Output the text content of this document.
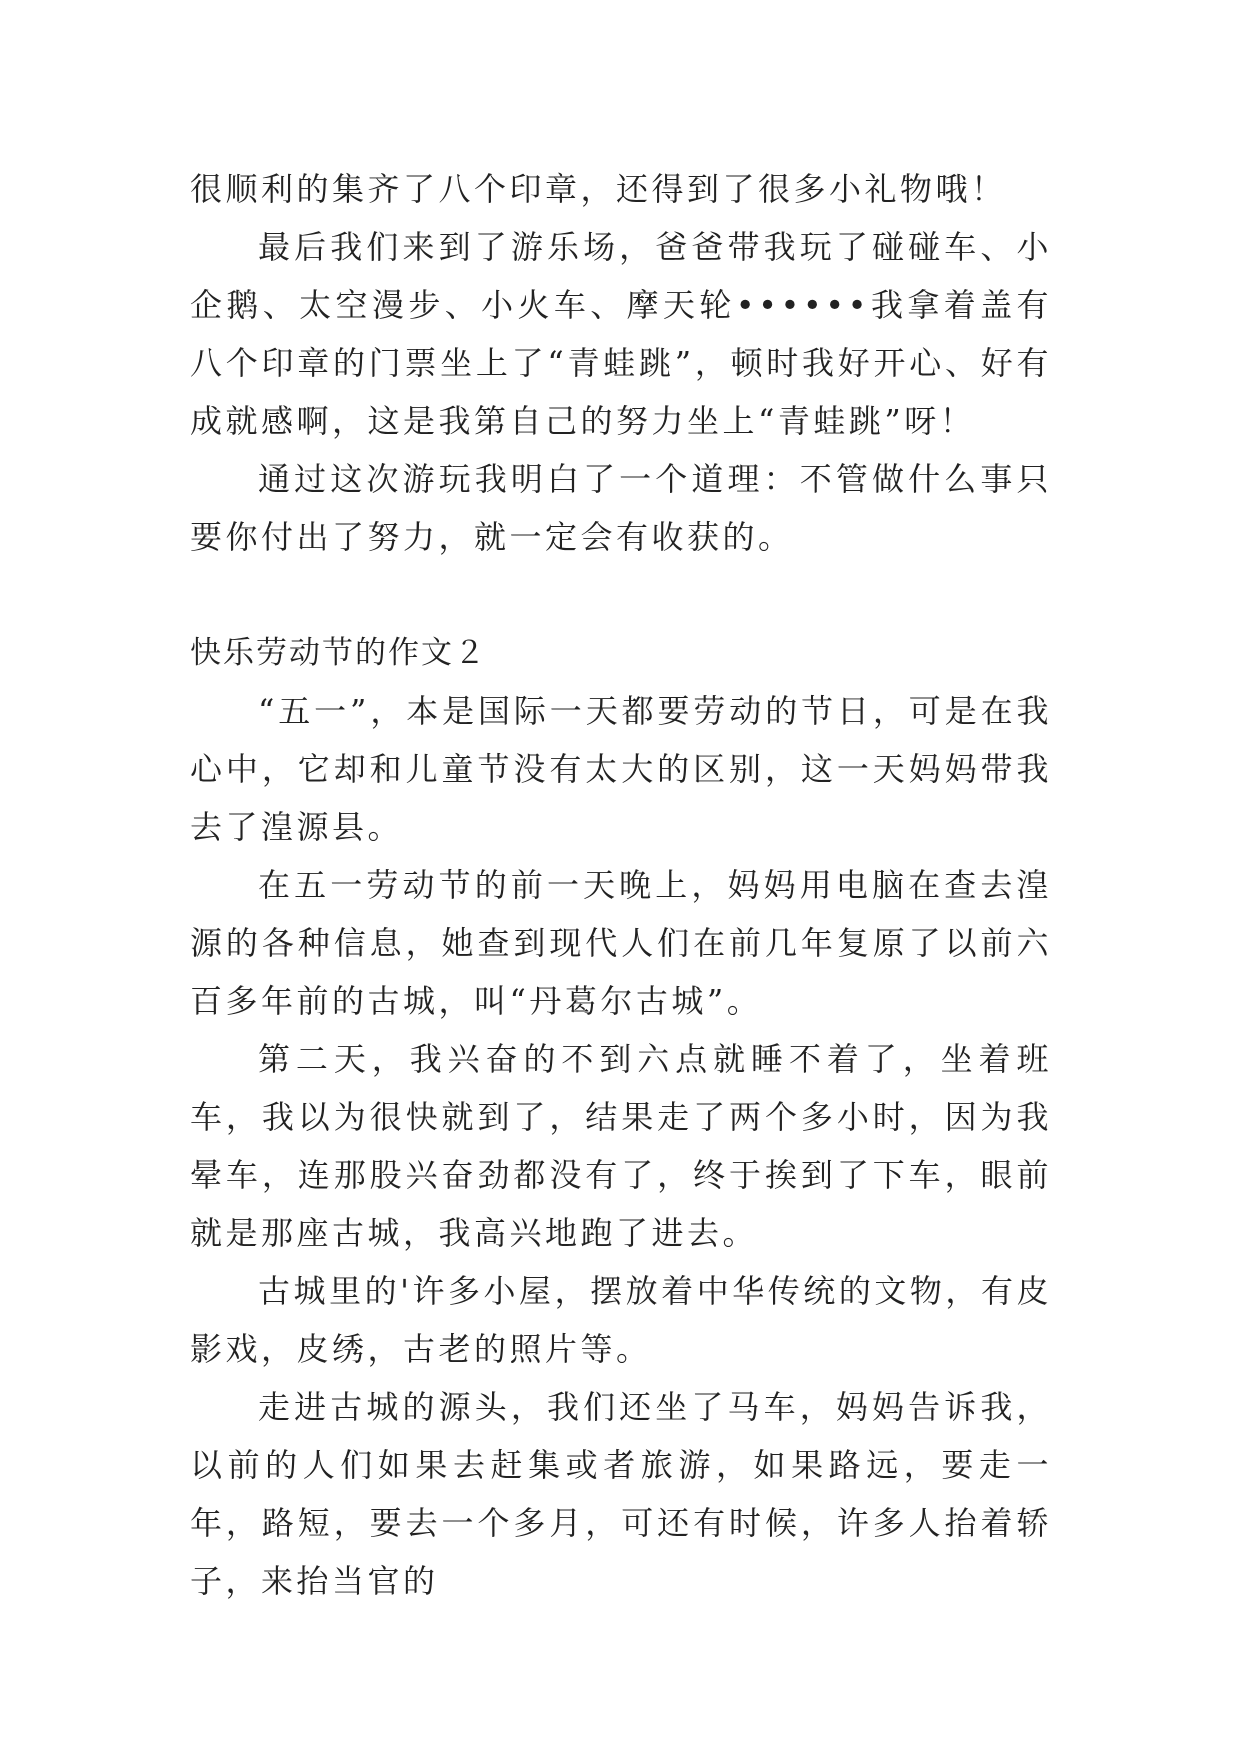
很顺利的集齐了八个印章，还得到了很多小礼物哦！

最后我们来到了游乐场，爸爸带我玩了碰碰车、小企鹅、太空漫步、小火车、摩天轮••••••我拿着盖有八个印章的门票坐上了“青蛙跳”，顿时我好开心、好有成就感啊，这是我第自己的努力坐上“青蛙跳”呀！

通过这次游玩我明白了一个道理：不管做什么事只要你付出了努力，就一定会有收获的。

快乐劳动节的作文２

“五一”，本是国际一天都要劳动的节日，可是在我心中，它却和儿童节没有太大的区别，这一天妈妈带我去了湟源县。

在五一劳动节的前一天晚上，妈妈用电脑在查去湟源的各种信息，她查到现代人们在前几年复原了以前六百多年前的古城，叫“丹葛尔古城”。

第二天，我兴奋的不到六点就睡不着了，坐着班车，我以为很快就到了，结果走了两个多小时，因为我晕车，连那股兴奋劲都没有了，终于挨到了下车，眼前就是那座古城，我高兴地跑了进去。

古城里的'许多小屋，摆放着中华传统的文物，有皮影戏，皮绣，古老的照片等。

走进古城的源头，我们还坐了马车，妈妈告诉我，以前的人们如果去赶集或者旅游，如果路远，要走一年，路短，要去一个多月，可还有时候，许多人抬着轿子，来抬当官的
